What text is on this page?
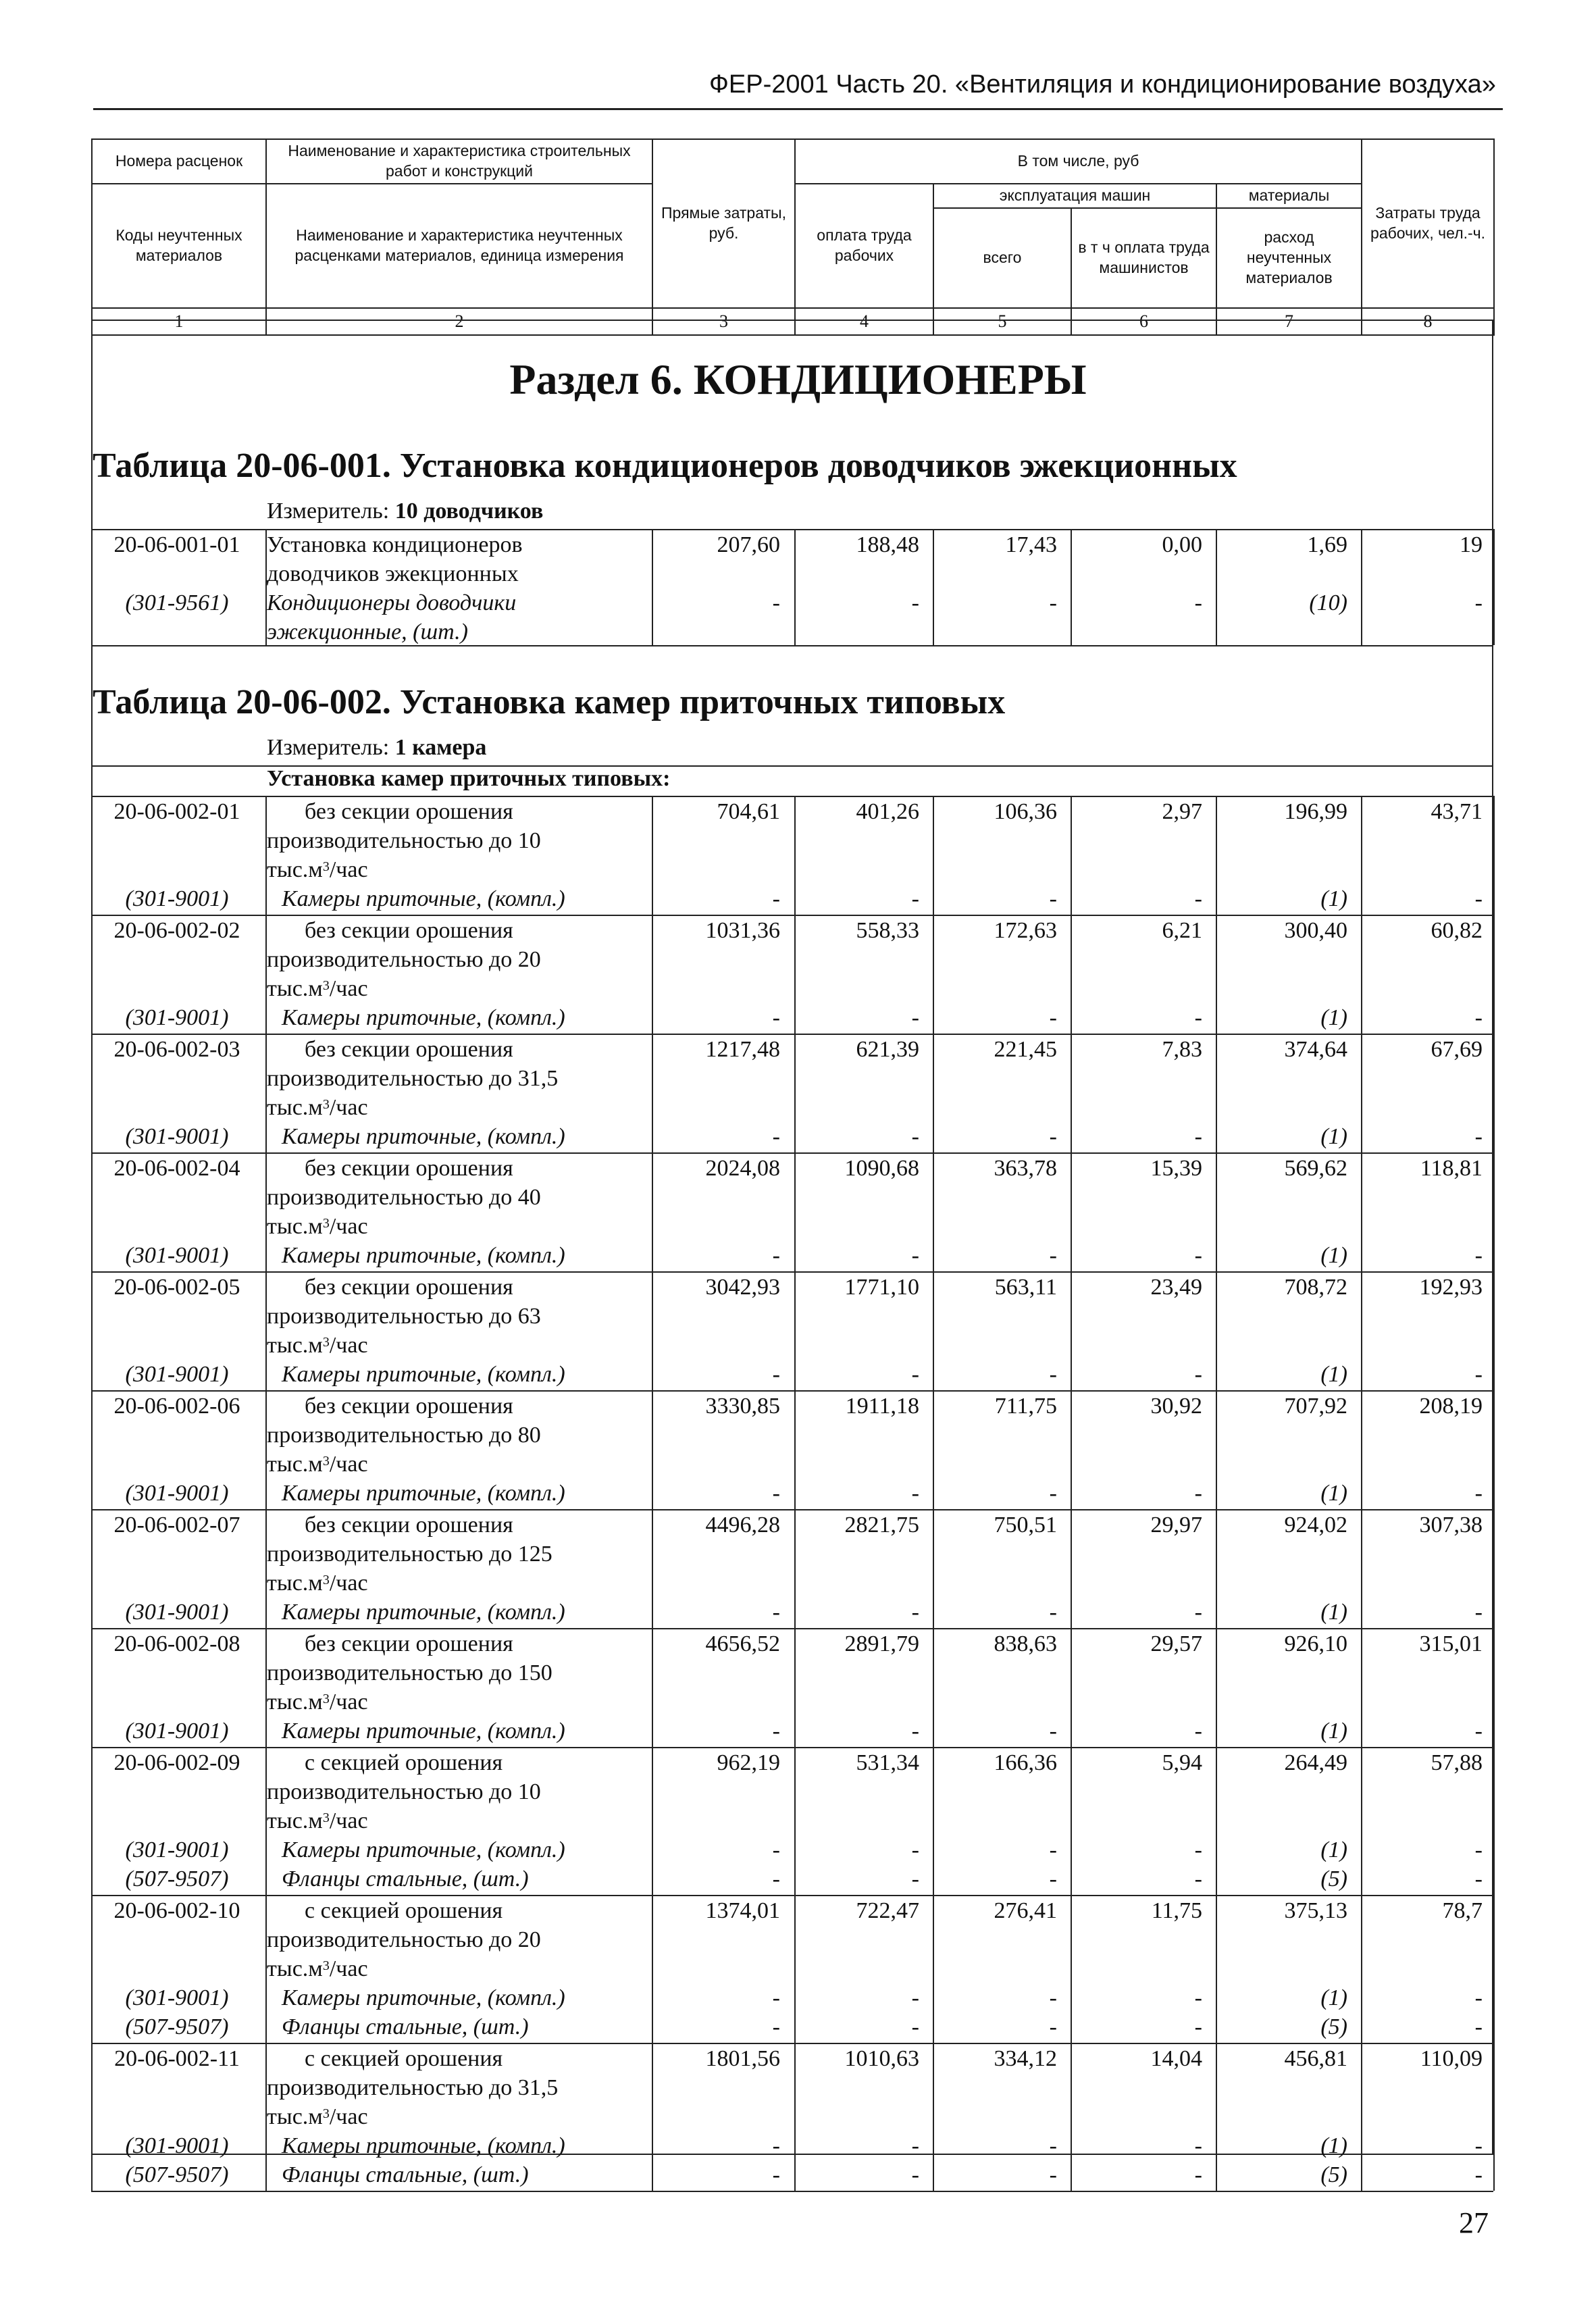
ФЕР-2001 Часть 20. «Вентиляция и кондиционирование воздуха»
Номера расценок	Наименование и характеристика строительных работ и конструкций	Прямые затраты, руб.	В том числе, руб				Затраты труда рабочих, чел.-ч.
Коды неучтенных материалов	Наименование и характеристика неучтенных расценками материалов, единица измерения		оплата труда рабочих	эксплуатация машин		материалы	
				всего	в т ч оплата труда машинистов	расход неучтенных материалов	
1	2	3	4	5	6	7	8
Раздел 6. КОНДИЦИОНЕРЫ
Таблица 20-06-001. Установка кондиционеров доводчиков эжекционных
Измеритель: 10 доводчиков
20-06-001-01	Установка кондиционеров
доводчиков эжекционных
(301-9561)	Кондиционеры доводчики
эжекционные, (шт.)
207,60	188,48	17,43	0,00	1,69	19
-	-	-	-	(10)	-
Таблица 20-06-002. Установка камер приточных типовых
Измеритель: 1 камера
Установка камер приточных типовых:
20-06-002-01	без секции орошения
производительностью до 10
$тыс.м^3$/час
704,61	401,26	106,36	2,97	196,99	43,71
(301-9001)	Камеры приточные, (компл.)	-	-	-	-	(1)	-
20-06-002-02	без секции орошения
производительностью до 20
$тыс.м^3$/час
1031,36	558,33	172,63	6,21	300,40	60,82
(301-9001)	Камеры приточные, (компл.)	-	-	-	-	(1)	-
20-06-002-03	без секции орошения
производительностью до 31,5
$тыс.м^3$/час
1217,48	621,39	221,45	7,83	374,64	67,69
(301-9001)	Камеры приточные, (компл.)	-	-	-	-	(1)	-
20-06-002-04	без секции орошения
производительностью до 40
$тыс.м^3$/час
2024,08	1090,68	363,78	15,39	569,62	118,81
(301-9001)	Камеры приточные, (компл.)	-	-	-	-	(1)	-
20-06-002-05	без секции орошения
производительностью до 63
$тыс.м^3$/час
3042,93	1771,10	563,11	23,49	708,72	192,93
(301-9001)	Камеры приточные, (компл.)	-	-	-	-	(1)	-
20-06-002-06	без секции орошения
производительностью до 80
$тыс.м^3$/час
3330,85	1911,18	711,75	30,92	707,92	208,19
(301-9001)	Камеры приточные, (компл.)	-	-	-	-	(1)	-
20-06-002-07	без секции орошения
производительностью до 125
$тыс.м^3$/час
4496,28	2821,75	750,51	29,97	924,02	307,38
(301-9001)	Камеры приточные, (компл.)	-	-	-	-	(1)	-
20-06-002-08	без секции орошения
производительностью до 150
$тыс.м^3$/час
4656,52	2891,79	838,63	29,57	926,10	315,01
(301-9001)	Камеры приточные, (компл.)	-	-	-	-	(1)	-
20-06-002-09	с секцией орошения
производительностью до 10
$тыс.м^3$/час
962,19	531,34	166,36	5,94	264,49	57,88
(301-9001)	Камеры приточные, (компл.)	-	-	-	-	(1)	-
(507-9507)	Фланцы стальные, (шт.)	-	-	-	-	(5)	-
20-06-002-10	с секцией орошения
производительностью до 20
$тыс.м^3$/час
1374,01	722,47	276,41	11,75	375,13	78,7
(301-9001)	Камеры приточные, (компл.)	-	-	-	-	(1)	-
(507-9507)	Фланцы стальные, (шт.)	-	-	-	-	(5)	-
20-06-002-11	с секцией орошения
производительностью до 31,5
$тыс.м^3$/час
1801,56	1010,63	334,12	14,04	456,81	110,09
(301-9001)	Камеры приточные, (компл.)	-	-	-	-	(1)	-
(507-9507)	Фланцы стальные, (шт.)	-	-	-	-	(5)	-
27
